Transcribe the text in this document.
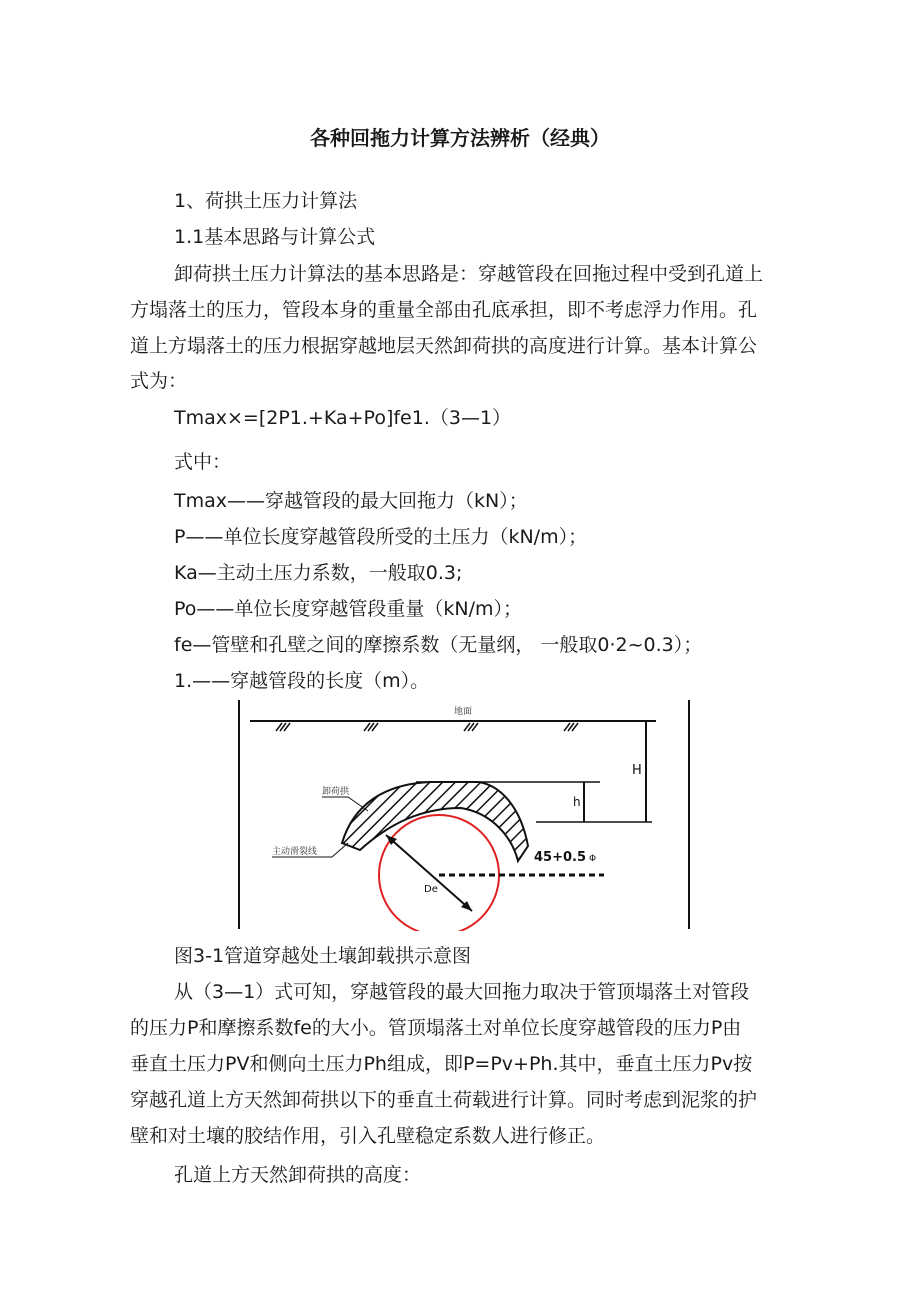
各种回拖力计算方法辨析（经典）

1、荷拱土压力计算法

1.1基本思路与计算公式

卸荷拱土压力计算法的基本思路是：穿越管段在回拖过程中受到孔道上

方塌落土的压力，管段本身的重量全部由孔底承担，即不考虑浮力作用。孔

道上方塌落土的压力根据穿越地层天然卸荷拱的高度进行计算。基本计算公

式为：

Tmax×=[2P1.+Ka+Po]fe1.（3—1）

式中：

Tmax——穿越管段的最大回拖力（kN）；

P——单位长度穿越管段所受的土压力（kN/m）；

Ka—主动土压力系数，一般取0.3;

Po——单位长度穿越管段重量（kN/m）；

fe—管壁和孔壁之间的摩擦系数（无量纲， 一般取0·2~0.3）；

1.——穿越管段的长度（m）。

地面
卸荷拱
主动滑裂线
H
h
45+0.5 Φ
De

图3-1管道穿越处土壤卸载拱示意图

从（3—1）式可知，穿越管段的最大回拖力取决于管顶塌落土对管段

的压力P和摩擦系数fe的大小。管顶塌落土对单位长度穿越管段的压力P由

垂直土压力PV和侧向土压力Ph组成，即P=Pv+Ph.其中，垂直土压力Pv按

穿越孔道上方天然卸荷拱以下的垂直土荷载进行计算。同时考虑到泥浆的护

壁和对土壤的胶结作用，引入孔壁稳定系数人进行修正。

孔道上方天然卸荷拱的高度：
